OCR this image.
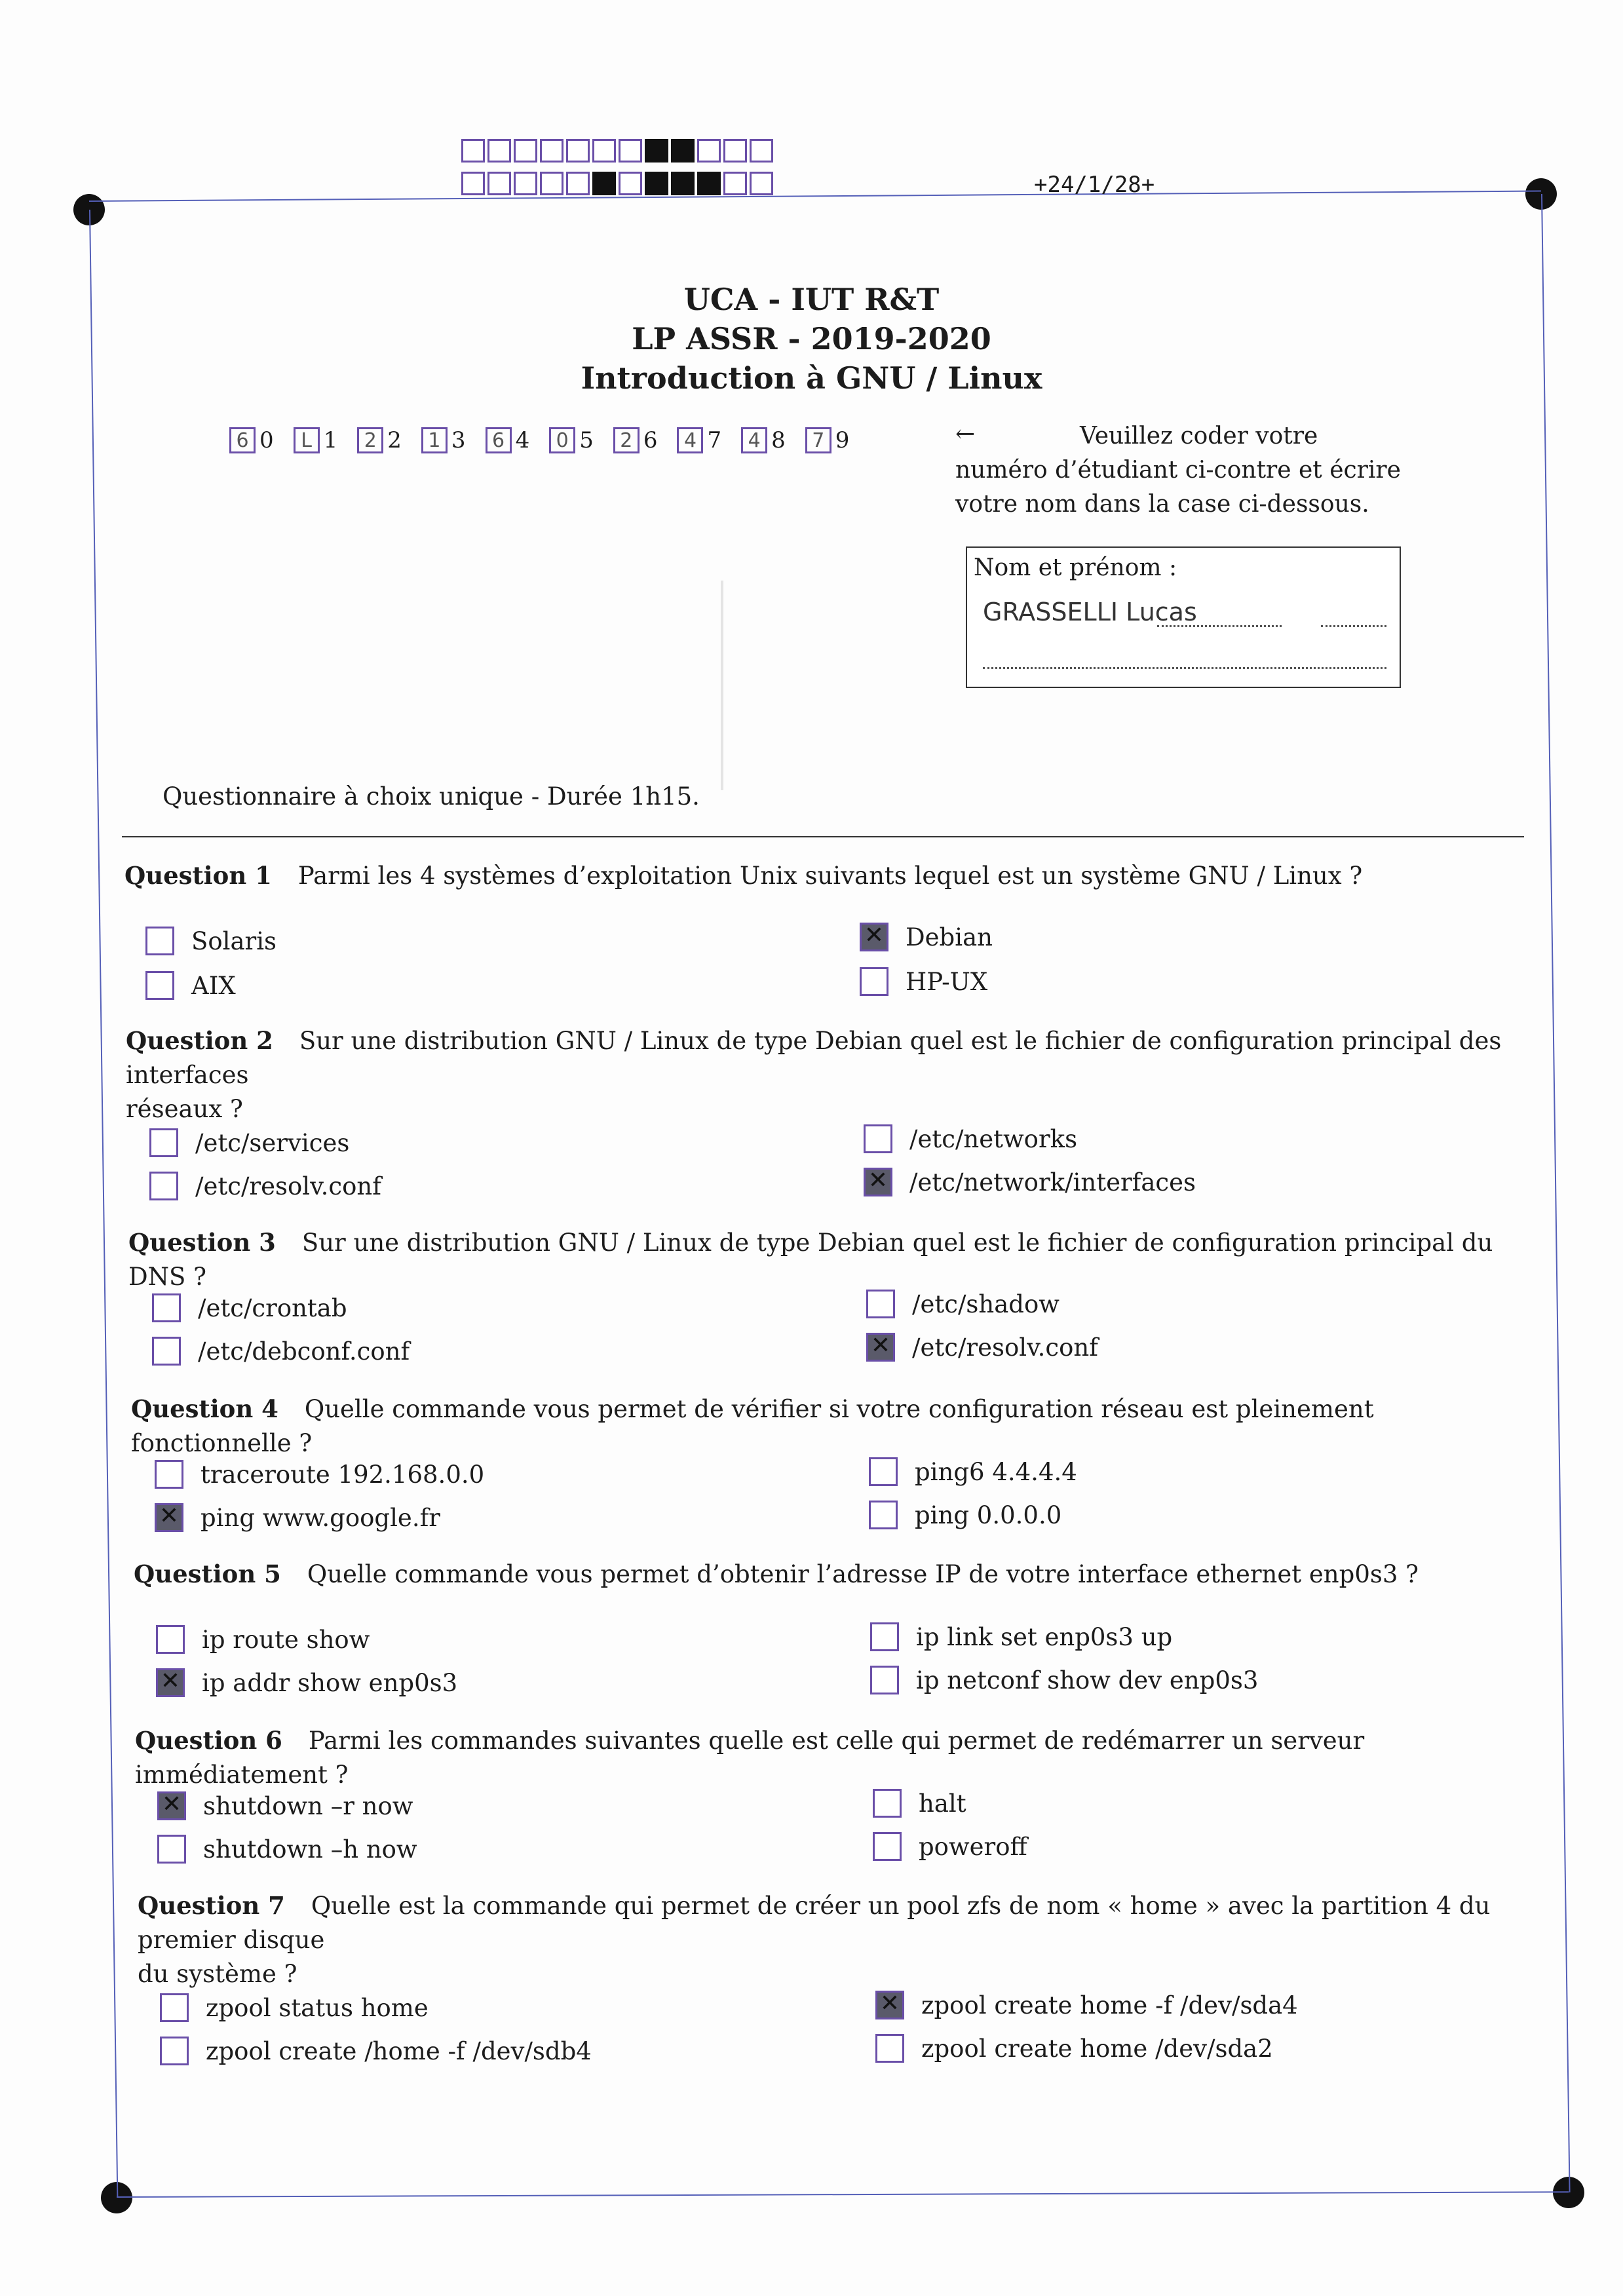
+24/1/28+
UCA - IUT R&T
LP ASSR - 2019-2020
Introduction à GNU / Linux
6 0	L 1	2 2	1 3	6 4	0 5	2 6	4 7	4 8	7 9	←	Veuillez coder votre numéro d’étudiant ci-contre et écrire votre nom dans la case ci-dessous.
Nom et prénom :
GRASSELLI Lucas
Questionnaire à choix unique - Durée 1h15.
Question 1 Parmi les 4 systèmes d’exploitation Unix suivants lequel est un système GNU / Linux ?
Solaris
AIX
✕
Debian
HP-UX
Question 2 Sur une distribution GNU / Linux de type Debian quel est le fichier de configuration principal des interfaces
réseaux ?
/etc/services
/etc/resolv.conf
/etc/networks
✕
/etc/network/interfaces
Question 3 Sur une distribution GNU / Linux de type Debian quel est le fichier de configuration principal du DNS ?
/etc/crontab
/etc/debconf.conf
/etc/shadow
✕
/etc/resolv.conf
Question 4 Quelle commande vous permet de vérifier si votre configuration réseau est pleinement fonctionnelle ?
traceroute 192.168.0.0
✕
ping www.google.fr
ping6 4.4.4.4
ping 0.0.0.0
Question 5 Quelle commande vous permet d’obtenir l’adresse IP de votre interface ethernet enp0s3 ?
ip route show
✕
ip addr show enp0s3
ip link set enp0s3 up
ip netconf show dev enp0s3
Question 6 Parmi les commandes suivantes quelle est celle qui permet de redémarrer un serveur immédiatement ?
✕
shutdown –r now
shutdown –h now
halt
poweroff
Question 7 Quelle est la commande qui permet de créer un pool zfs de nom « home » avec la partition 4 du premier disque
du système ?
zpool status home
zpool create /home -f /dev/sdb4
✕
zpool create home -f /dev/sda4
zpool create home /dev/sda2
